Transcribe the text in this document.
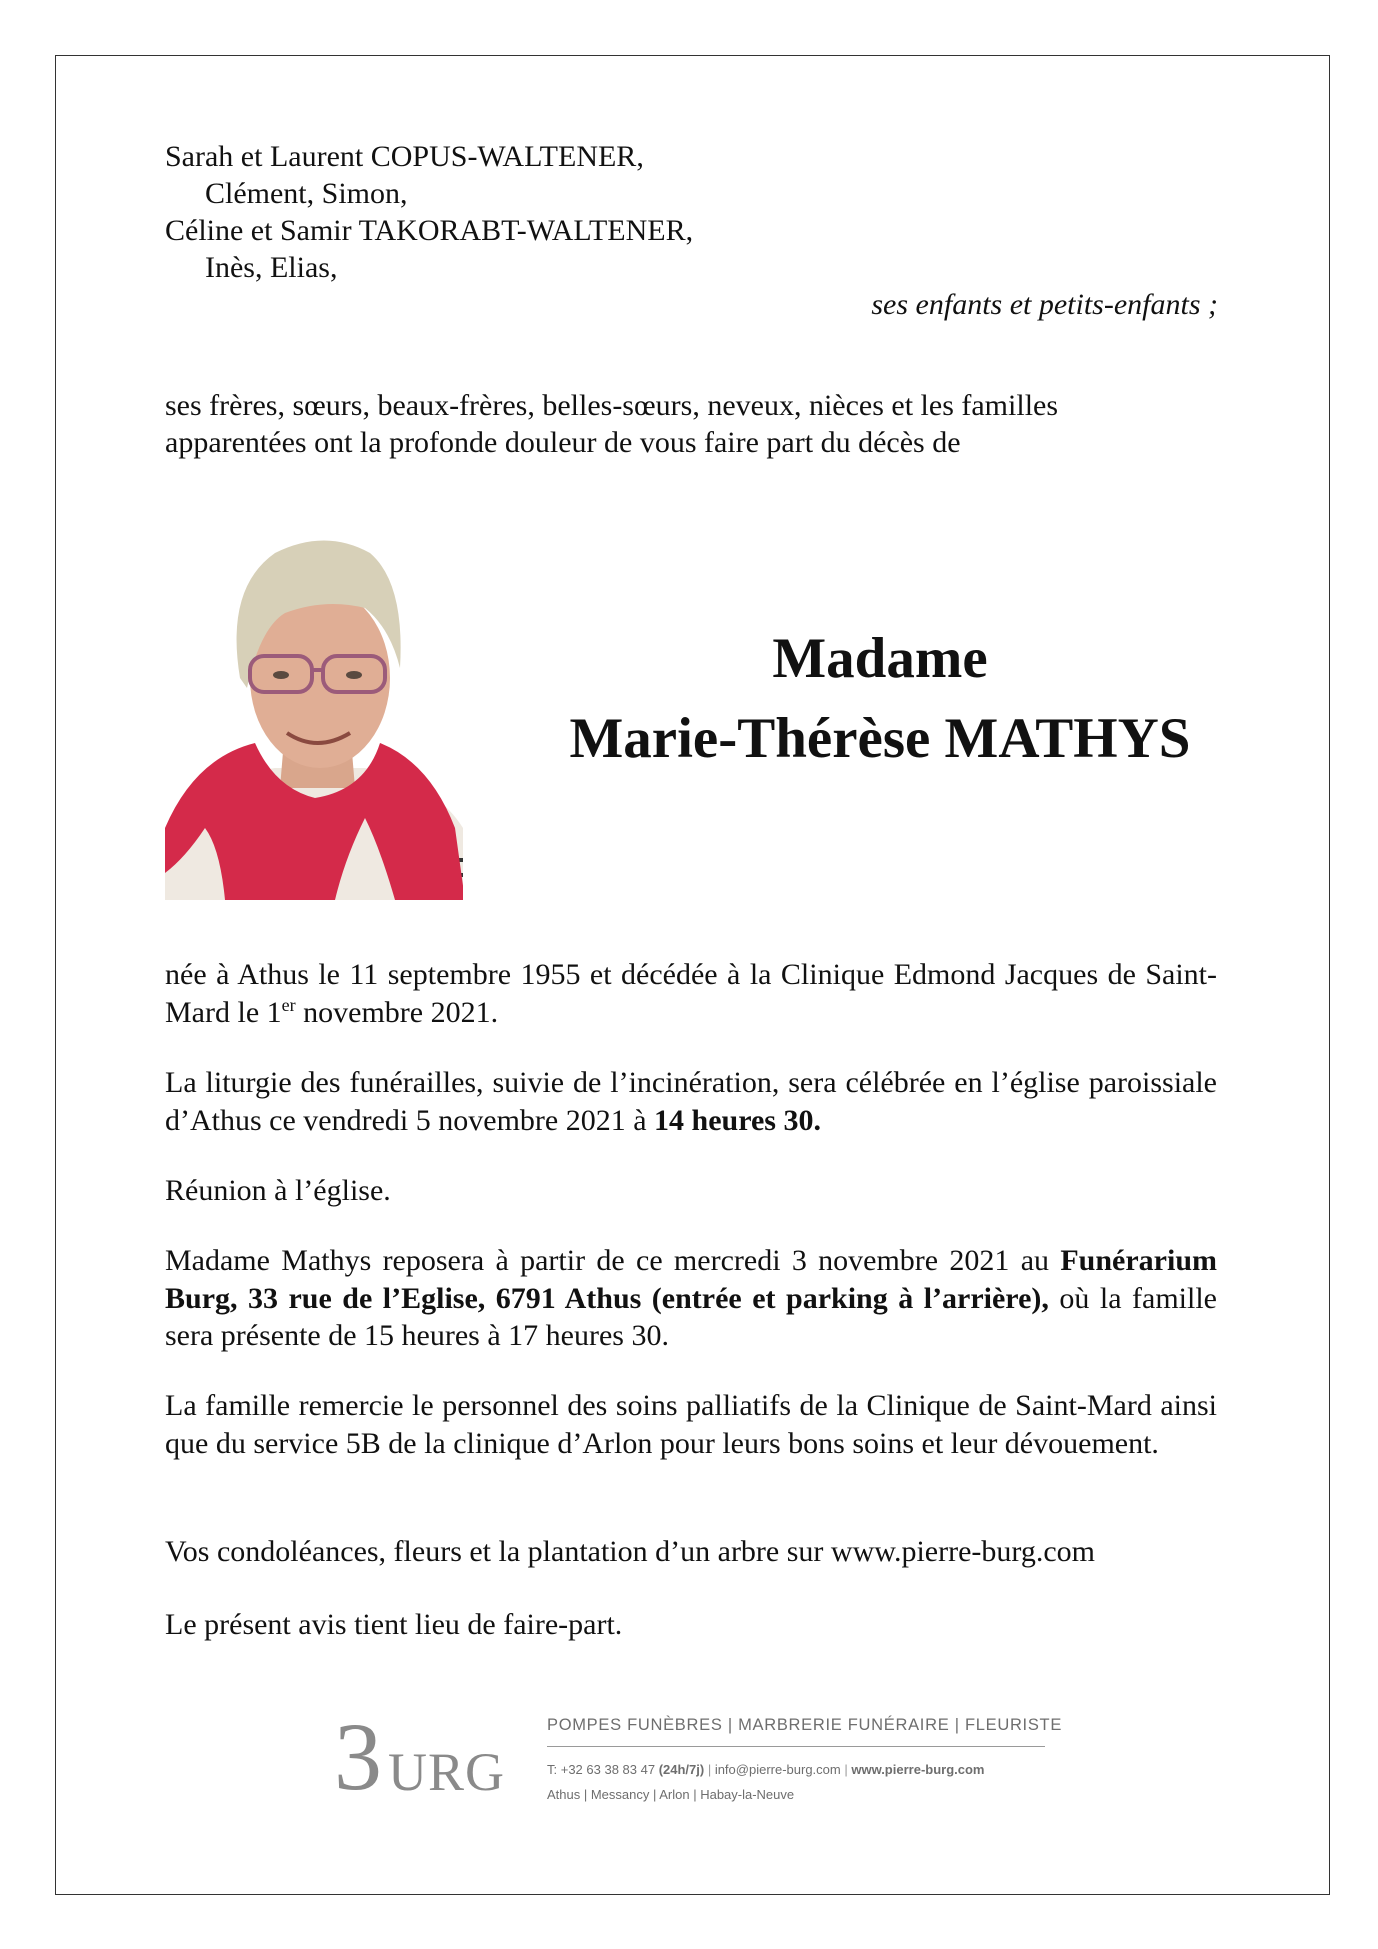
Sarah et Laurent COPUS-WALTENER,
Clément, Simon,
Céline et Samir TAKORABT-WALTENER,
Inès, Elias,
ses enfants et petits-enfants ;
ses frères, sœurs, beaux-frères, belles-sœurs, neveux, nièces et les familles
apparentées ont la profonde douleur de vous faire part du décès de
Madame
Marie-Thérèse MATHYS
née à Athus le 11 septembre 1955 et décédée à la Clinique Edmond Jacques de Saint-Mard le 1er novembre 2021.
La liturgie des funérailles, suivie de l’incinération, sera célébrée en l’église paroissiale d’Athus ce vendredi 5 novembre 2021 à 14 heures 30.
Réunion à l’église.
Madame Mathys reposera à partir de ce mercredi 3 novembre 2021 au Funérarium Burg, 33 rue de l’Eglise, 6791 Athus (entrée et parking à l’arrière), où la famille sera présente de 15 heures à 17 heures 30.
La famille remercie le personnel des soins palliatifs de la Clinique de Saint-Mard ainsi que du service 5B de la clinique d’Arlon pour leurs bons soins et leur dévouement.
Vos condoléances, fleurs et la plantation d’un arbre sur www.pierre-burg.com
Le présent avis tient lieu de faire-part.
3 URG
POMPES FUNÈBRES | MARBRERIE FUNÉRAIRE | FLEURISTE
T: +32 63 38 83 47 (24h/7j) | info@pierre-burg.com | www.pierre-burg.com
Athus | Messancy | Arlon | Habay-la-Neuve
